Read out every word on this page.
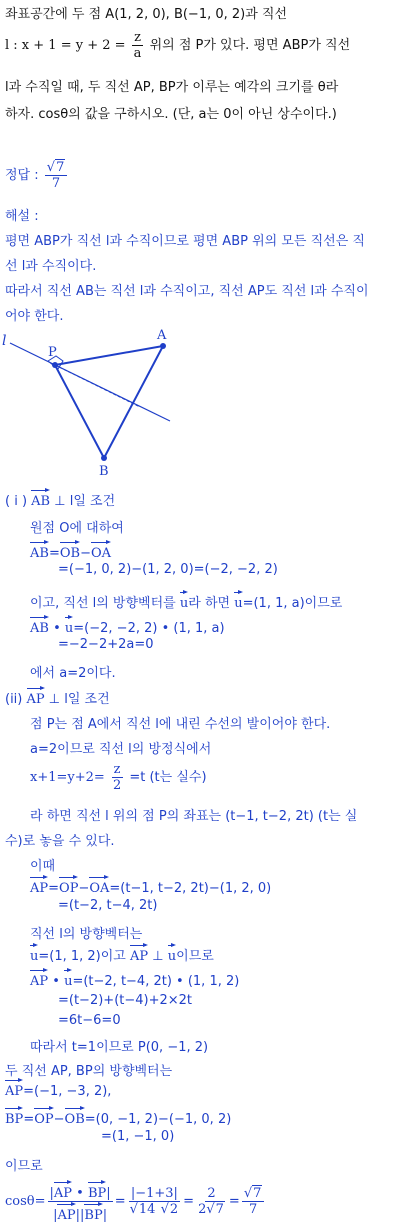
좌표공간에 두 점 A(1, 2, 0), B(−1, 0, 2)과 직선
l : $x + 1 = y + 2 = \frac{z}{a}$ 위의 점 P가 있다. 평면 ABP가 직선
l과 수직일 때, 두 직선 AP, BP가 이루는 예각의 크기를 θ라
하자. cosθ의 값을 구하시오. (단, a는 0이 아닌 상수이다.)
정답 : $\frac{√7}{7}$
해설 :
평면 ABP가 직선 l과 수직이므로 평면 ABP 위의 모든 직선은 직
선 l과 수직이다.
따라서 직선 AB는 직선 l과 수직이고, 직선 AP도 직선 l과 수직이
어야 한다.
l
P
A
B
( i ) AB ⊥ l일 조건
원점 O에 대하여
AB=OB−OA
=(−1, 0, 2)−(1, 2, 0)=(−2, −2, 2)
이고, 직선 l의 방향벡터를 u라 하면 u=(1, 1, a)이므로
AB • u=(−2, −2, 2) • (1, 1, a)
=−2−2+2a=0
에서 a=2이다.
(ii) AP ⊥ l일 조건
점 P는 점 A에서 직선 l에 내린 수선의 발이어야 한다.
a=2이므로 직선 l의 방정식에서
$x+1=y+2= \frac{z}{2} =t$ (t는 실수)
라 하면 직선 l 위의 점 P의 좌표는 (t−1, t−2, 2t) (t는 실
수)로 놓을 수 있다.
이때
AP=OP−OA=(t−1, t−2, 2t)−(1, 2, 0)
=(t−2, t−4, 2t)
직선 l의 방향벡터는
u=(1, 1, 2)이고 AP ⊥ u이므로
AP • u=(t−2, t−4, 2t) • (1, 1, 2)
=(t−2)+(t−4)+2×2t
=6t−6=0
따라서 t=1이므로 P(0, −1, 2)
두 직선 AP, BP의 방향벡터는
AP=(−1, −3, 2),
BP=OP−OB=(0, −1, 2)−(−1, 0, 2)
=(1, −1, 0)
이므로
$\cos\theta= \frac{|AP • BP|}{|AP||BP|} = \frac{|-1+3|}{√14 √2} = \frac{2}{2√7} = \frac{√7}{7}$
